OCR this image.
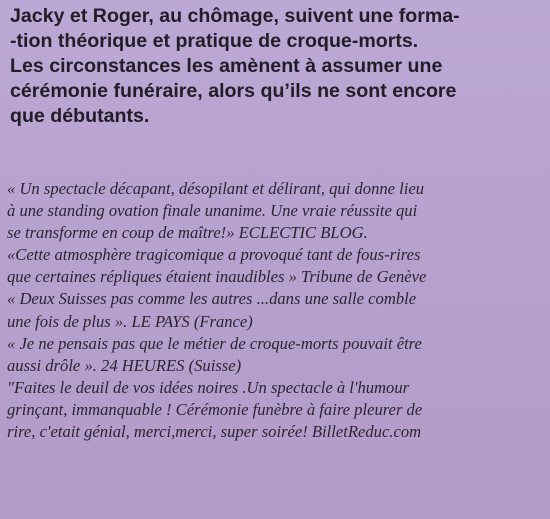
Jacky et Roger, au chômage, suivent une forma-
-tion théorique et pratique de croque-morts.
Les circonstances les amènent à assumer une
cérémonie funéraire, alors qu’ils ne sont encore
que débutants.
« Un spectacle décapant, désopilant et délirant, qui donne lieu
à une standing ovation finale unanime. Une vraie réussite qui
se transforme en coup de maître!» ECLECTIC BLOG.
«Cette atmosphère tragicomique a provoqué tant de fous-rires
que certaines répliques étaient inaudibles » Tribune de Genève
« Deux Suisses pas comme les autres ...dans une salle comble
une fois de plus ». LE PAYS (France)
« Je ne pensais pas que le métier de croque-morts pouvait être
aussi drôle ». 24 HEURES (Suisse)
"Faites le deuil de vos idées noires .Un spectacle à l'humour
grinçant, immanquable ! Cérémonie funèbre à faire pleurer de
rire, c'etait génial, merci,merci, super soirée! BilletReduc.com
